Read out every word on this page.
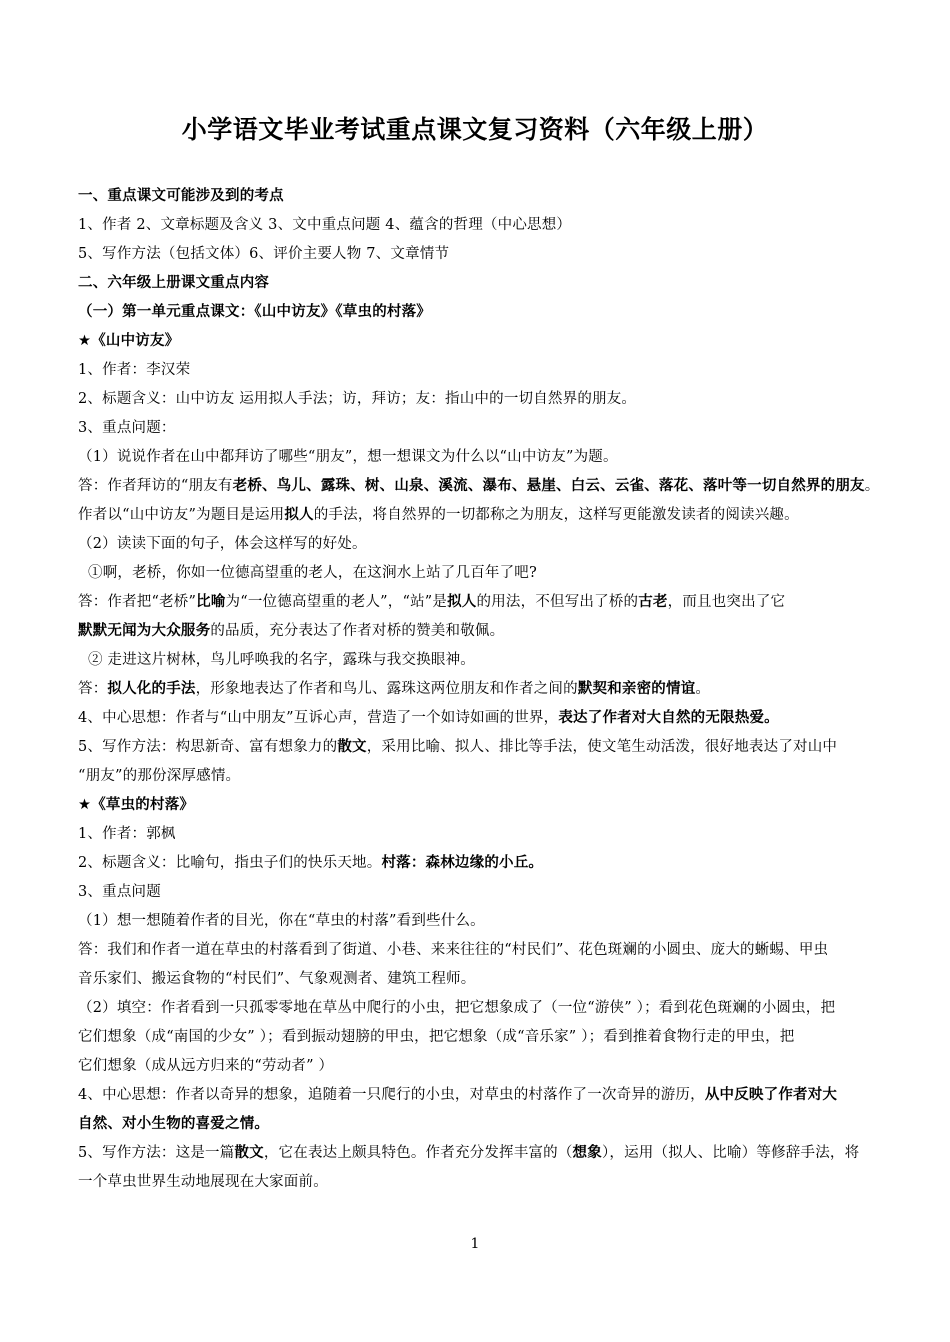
小学语文毕业考试重点课文复习资料（六年级上册）
一、重点课文可能涉及到的考点
1、作者 2、文章标题及含义 3、文中重点问题 4、蕴含的哲理（中心思想）
5、写作方法（包括文体）6、评价主要人物 7、文章情节
二、六年级上册课文重点内容
（一）第一单元重点课文：《山中访友》《草虫的村落》
★《山中访友》
1、作者：李汉荣
2、标题含义：山中访友 运用拟人手法；访，拜访；友：指山中的一切自然界的朋友。
3、重点问题：
（1）说说作者在山中都拜访了哪些“朋友”，想一想课文为什么以“山中访友”为题。
答：作者拜访的“朋友有老桥、鸟儿、露珠、树、山泉、溪流、瀑布、悬崖、白云、云雀、落花、落叶等一切自然界的朋友。
作者以“山中访友”为题目是运用拟人的手法，将自然界的一切都称之为朋友，这样写更能激发读者的阅读兴趣。
（2）读读下面的句子，体会这样写的好处。
①啊，老桥，你如一位德高望重的老人，在这涧水上站了几百年了吧?
答：作者把“老桥”比喻为“一位德高望重的老人”，“站”是拟人的用法，不但写出了桥的古老，而且也突出了它
默默无闻为大众服务的品质，充分表达了作者对桥的赞美和敬佩。
② 走进这片树林，鸟儿呼唤我的名字，露珠与我交换眼神。
答：拟人化的手法，形象地表达了作者和鸟儿、露珠这两位朋友和作者之间的默契和亲密的情谊。
4、中心思想：作者与“山中朋友”互诉心声，营造了一个如诗如画的世界，表达了作者对大自然的无限热爱。
5、写作方法：构思新奇、富有想象力的散文，采用比喻、拟人、排比等手法，使文笔生动活泼，很好地表达了对山中
“朋友”的那份深厚感情。
★《草虫的村落》
1、作者：郭枫
2、标题含义：比喻句，指虫子们的快乐天地。村落：森林边缘的小丘。
3、重点问题
（1）想一想随着作者的目光，你在“草虫的村落”看到些什么。
答：我们和作者一道在草虫的村落看到了街道、小巷、来来往往的“村民们”、花色斑斓的小圆虫、庞大的蜥蜴、甲虫
音乐家们、搬运食物的“村民们”、气象观测者、建筑工程师。
（2）填空：作者看到一只孤零零地在草丛中爬行的小虫，把它想象成了（一位“游侠” ）；看到花色斑斓的小圆虫，把
它们想象（成“南国的少女” ）；看到振动翅膀的甲虫，把它想象（成“音乐家” ）；看到推着食物行走的甲虫，把
它们想象（成从远方归来的“劳动者” ）
4、中心思想：作者以奇异的想象，追随着一只爬行的小虫，对草虫的村落作了一次奇异的游历，从中反映了作者对大
自然、对小生物的喜爱之情。
5、写作方法：这是一篇散文，它在表达上颇具特色。作者充分发挥丰富的（想象），运用（拟人、比喻）等修辞手法，将
一个草虫世界生动地展现在大家面前。
1
